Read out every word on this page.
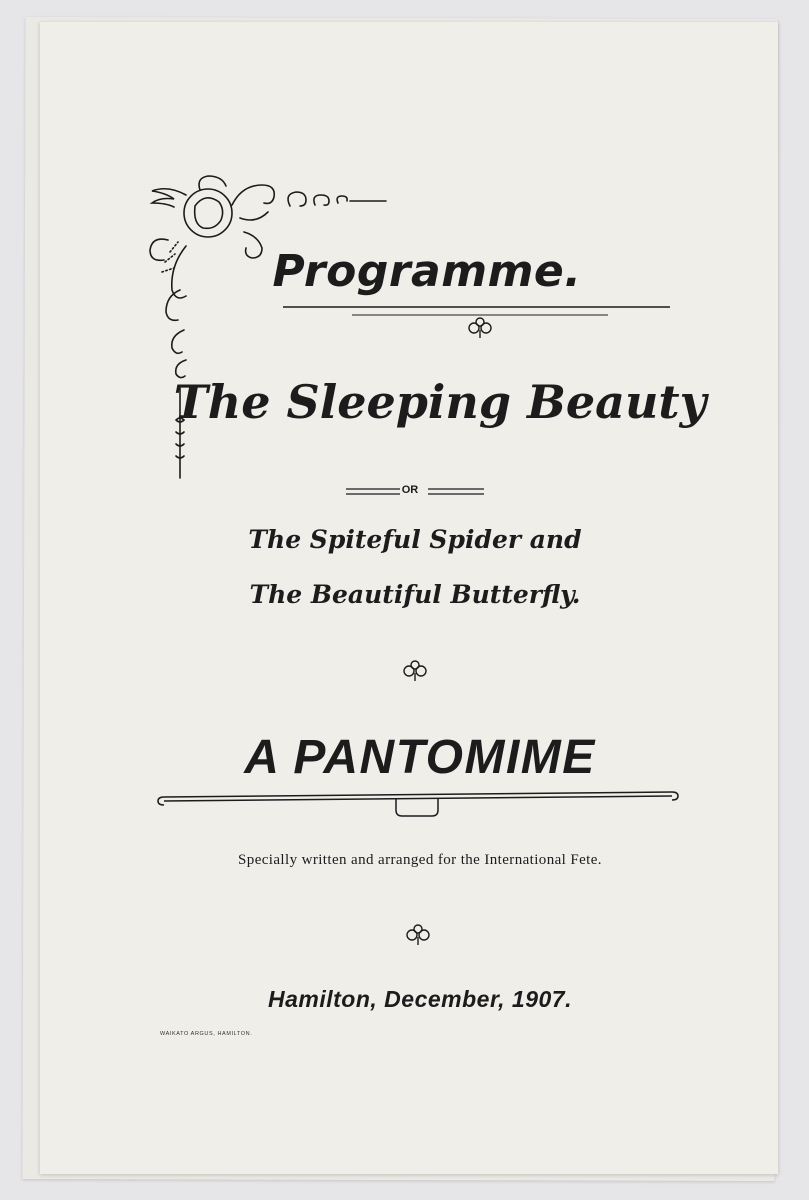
Programme.
The Sleeping Beauty
OR
The Spiteful Spider and
The Beautiful Butterfly.
A PANTOMIME
Specially written and arranged for the International Fete.
Hamilton, December, 1907.
WAIKATO ARGUS, HAMILTON.
